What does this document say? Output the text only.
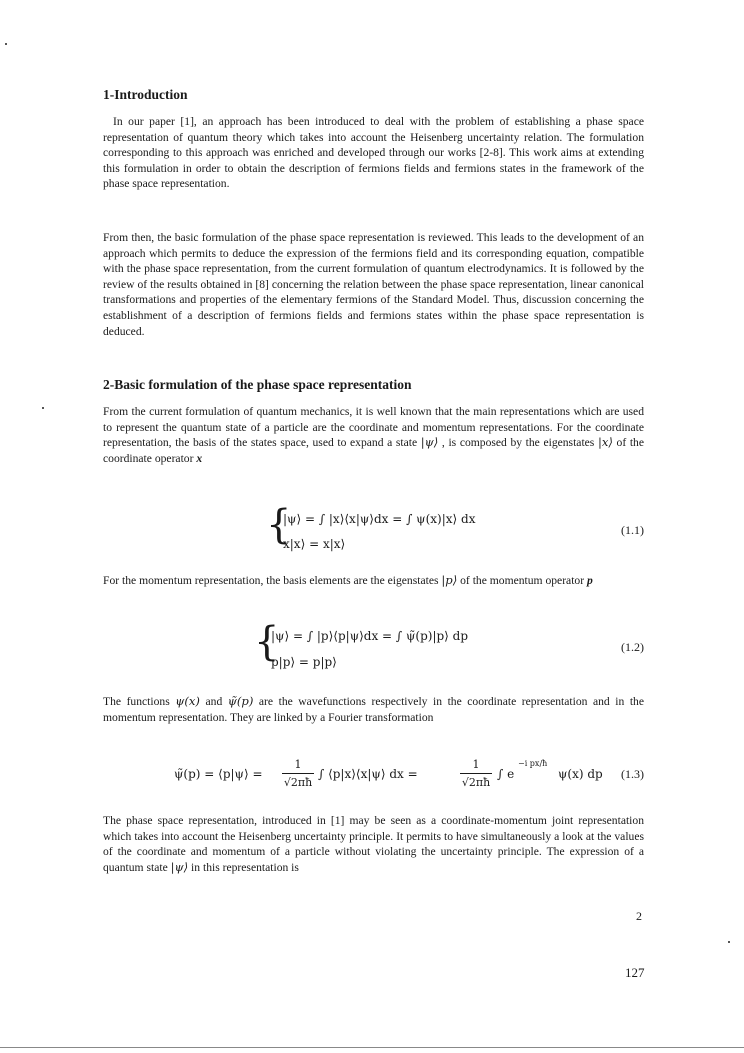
1-Introduction

In our paper [1], an approach has been introduced to deal with the problem of establishing a phase space representation of quantum theory which takes into account the Heisenberg uncertainty relation. The formulation corresponding to this approach was enriched and developed through our works [2-8]. This work aims at extending this formulation in order to obtain the description of fermions fields and fermions states in the framework of the phase space representation.

From then, the basic formulation of the phase space representation is reviewed. This leads to the development of an approach which permits to deduce the expression of the fermions field and its corresponding equation, compatible with the phase space representation, from the current formulation of quantum electrodynamics. It is followed by the review of the results obtained in [8] concerning the relation between the phase space representation, linear canonical transformations and properties of the elementary fermions of the Standard Model. Thus, discussion concerning the establishment of a description of fermions fields and fermions states within the phase space representation is deduced.

2-Basic formulation of the phase space representation

From the current formulation of quantum mechanics, it is well known that the main representations which are used to represent the quantum state of a particle are the coordinate and momentum representations. For the coordinate representation, the basis of the states space, used to expand a state |ψ⟩ , is composed by the eigenstates |x⟩ of the coordinate operator x

{
|ψ⟩ = ∫ |x⟩⟨x|ψ⟩dx = ∫ ψ(x)|x⟩ dx
x|x⟩ = x|x⟩
(1.1)

For the momentum representation, the basis elements are the eigenstates |p⟩ of the momentum operator p

{
|ψ⟩ = ∫ |p⟩⟨p|ψ⟩dx = ∫ ψ̃(p)|p⟩ dp
p|p⟩ = p|p⟩
(1.2)

The functions ψ(x) and ψ̃(p) are the wavefunctions respectively in the coordinate representation and in the momentum representation. They are linked by a Fourier transformation

ψ̃(p) = ⟨p|ψ⟩ =
1
√2πħ
∫ ⟨p|x⟩⟨x|ψ⟩ dx =
1
√2πħ
∫ e
−i px/ħ
ψ(x) dp (1.3)

The phase space representation, introduced in [1] may be seen as a coordinate-momentum joint representation which takes into account the Heisenberg uncertainty principle. It permits to have simultaneously a look at the values of the coordinate and momentum of a particle without violating the uncertainty principle. The expression of a quantum state |ψ⟩ in this representation is

2
127
